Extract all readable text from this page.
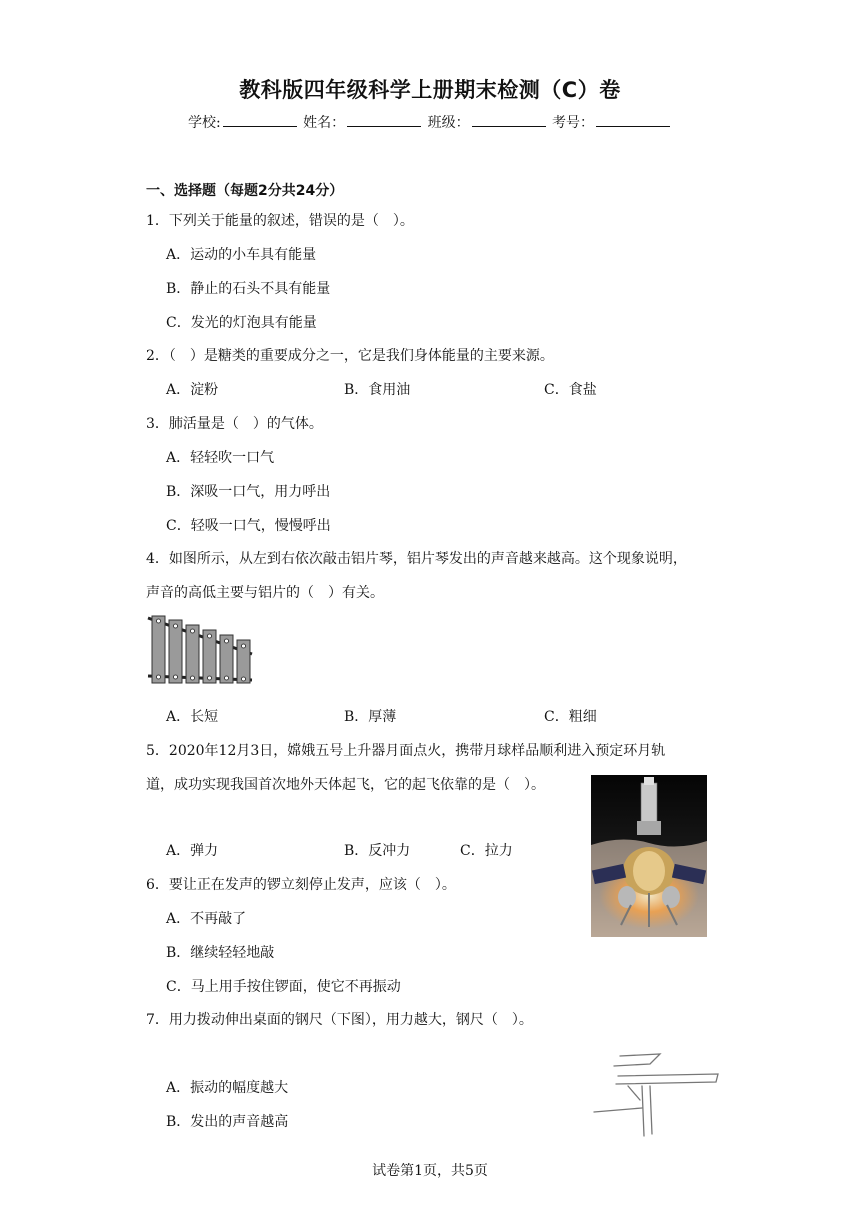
教科版四年级科学上册期末检测（C）卷
学校:	姓名：	班级：	考号：
一、选择题（每题2分共24分）
1．下列关于能量的叙述，错误的是（　）。
A．运动的小车具有能量
B．静止的石头不具有能量
C．发光的灯泡具有能量
2．（　）是糖类的重要成分之一，它是我们身体能量的主要来源。
A．淀粉	B．食用油	C．食盐
3．肺活量是（　）的气体。
A．轻轻吹一口气
B．深吸一口气，用力呼出
C．轻吸一口气，慢慢呼出
4．如图所示，从左到右依次敲击铝片琴，铝片琴发出的声音越来越高。这个现象说明，
声音的高低主要与铝片的（　）有关。
A．长短	B．厚薄	C．粗细
5．2020年12月3日，嫦娥五号上升器月面点火，携带月球样品顺利进入预定环月轨
道，成功实现我国首次地外天体起飞，它的起飞依靠的是（　）。
A．弹力	B．反冲力	C．拉力
6．要让正在发声的锣立刻停止发声，应该（　）。
A．不再敲了
B．继续轻轻地敲
C．马上用手按住锣面，使它不再振动
7．用力拨动伸出桌面的钢尺（下图），用力越大，钢尺（　）。
A．振动的幅度越大
B．发出的声音越高
试卷第1页，共5页
